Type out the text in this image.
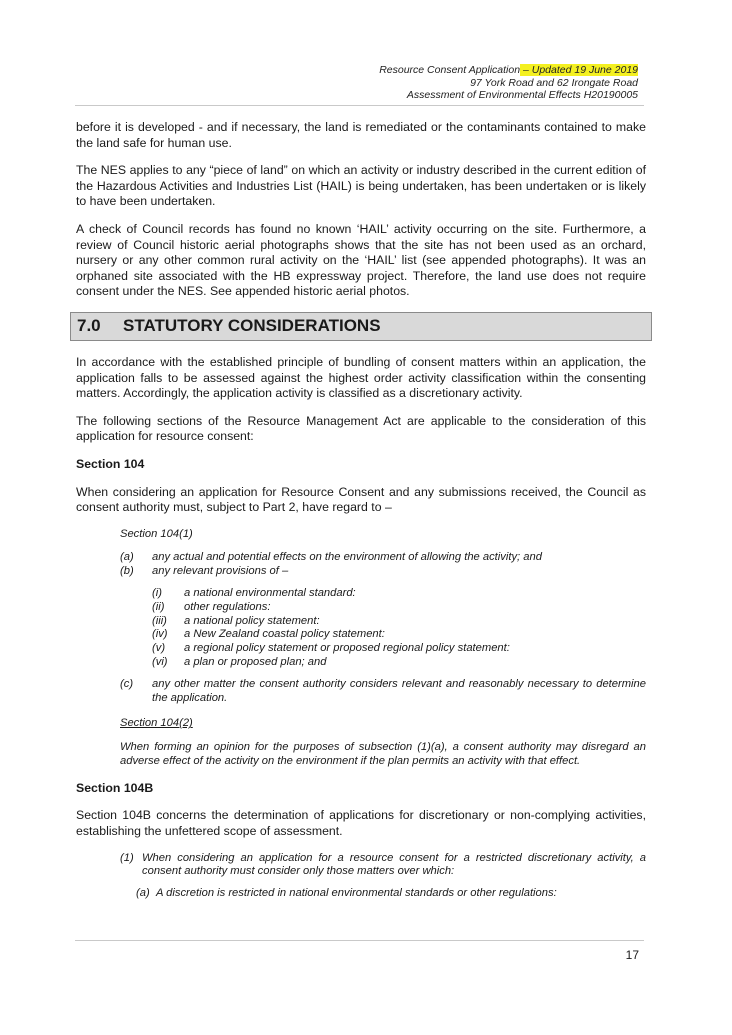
Resource Consent Application – Updated 19 June 2019
97 York Road and 62 Irongate Road
Assessment of Environmental Effects H20190005

before it is developed - and if necessary, the land is remediated or the contaminants contained to make the land safe for human use.

The NES applies to any “piece of land” on which an activity or industry described in the current edition of the Hazardous Activities and Industries List (HAIL) is being undertaken, has been undertaken or is likely to have been undertaken.

A check of Council records has found no known ‘HAIL’ activity occurring on the site. Furthermore, a review of Council historic aerial photographs shows that the site has not been used as an orchard, nursery or any other common rural activity on the ‘HAIL’ list (see appended photographs). It was an orphaned site associated with the HB expressway project. Therefore, the land use does not require consent under the NES. See appended historic aerial photos.

7.0 STATUTORY CONSIDERATIONS

In accordance with the established principle of bundling of consent matters within an application, the application falls to be assessed against the highest order activity classification within the consenting matters. Accordingly, the application activity is classified as a discretionary activity.

The following sections of the Resource Management Act are applicable to the consideration of this application for resource consent:

Section 104

When considering an application for Resource Consent and any submissions received, the Council as consent authority must, subject to Part 2, have regard to –

Section 104(1)
(a) any actual and potential effects on the environment of allowing the activity; and
(b) any relevant provisions of –
(i) a national environmental standard:
(ii) other regulations:
(iii) a national policy statement:
(iv) a New Zealand coastal policy statement:
(v) a regional policy statement or proposed regional policy statement:
(vi) a plan or proposed plan; and
(c) any other matter the consent authority considers relevant and reasonably necessary to determine the application.
Section 104(2)
When forming an opinion for the purposes of subsection (1)(a), a consent authority may disregard an adverse effect of the activity on the environment if the plan permits an activity with that effect.
Section 104B

Section 104B concerns the determination of applications for discretionary or non-complying activities, establishing the unfettered scope of assessment.

(1) When considering an application for a resource consent for a restricted discretionary activity, a consent authority must consider only those matters over which:
(a) A discretion is restricted in national environmental standards or other regulations:
17
